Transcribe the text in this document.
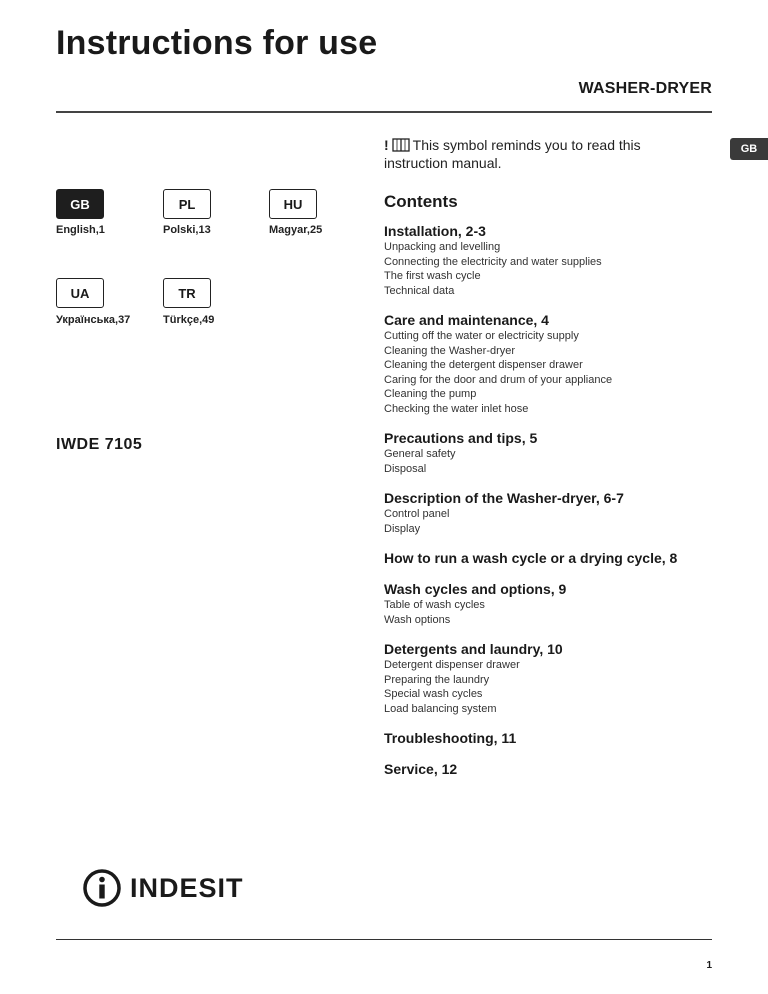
Instructions for use
WASHER-DRYER
GB
! This symbol reminds you to read this instruction manual.
GB
English,1
PL
Polski,13
HU
Magyar,25
UA
Українська,37
TR
Türkçe,49
IWDE 7105
Contents
Installation, 2-3
Unpacking and levelling
Connecting the electricity and water supplies
The first wash cycle
Technical data
Care and maintenance, 4
Cutting off the water or electricity supply
Cleaning the Washer-dryer
Cleaning the detergent dispenser drawer
Caring for the door and drum of your appliance
Cleaning the pump
Checking the water inlet hose
Precautions and tips, 5
General safety
Disposal
Description of the Washer-dryer, 6-7
Control panel
Display
How to run a wash cycle or a drying cycle, 8
Wash cycles and options, 9
Table of wash cycles
Wash options
Detergents and laundry, 10
Detergent dispenser drawer
Preparing the laundry
Special wash cycles
Load balancing system
Troubleshooting, 11
Service, 12
INDESIT
1
